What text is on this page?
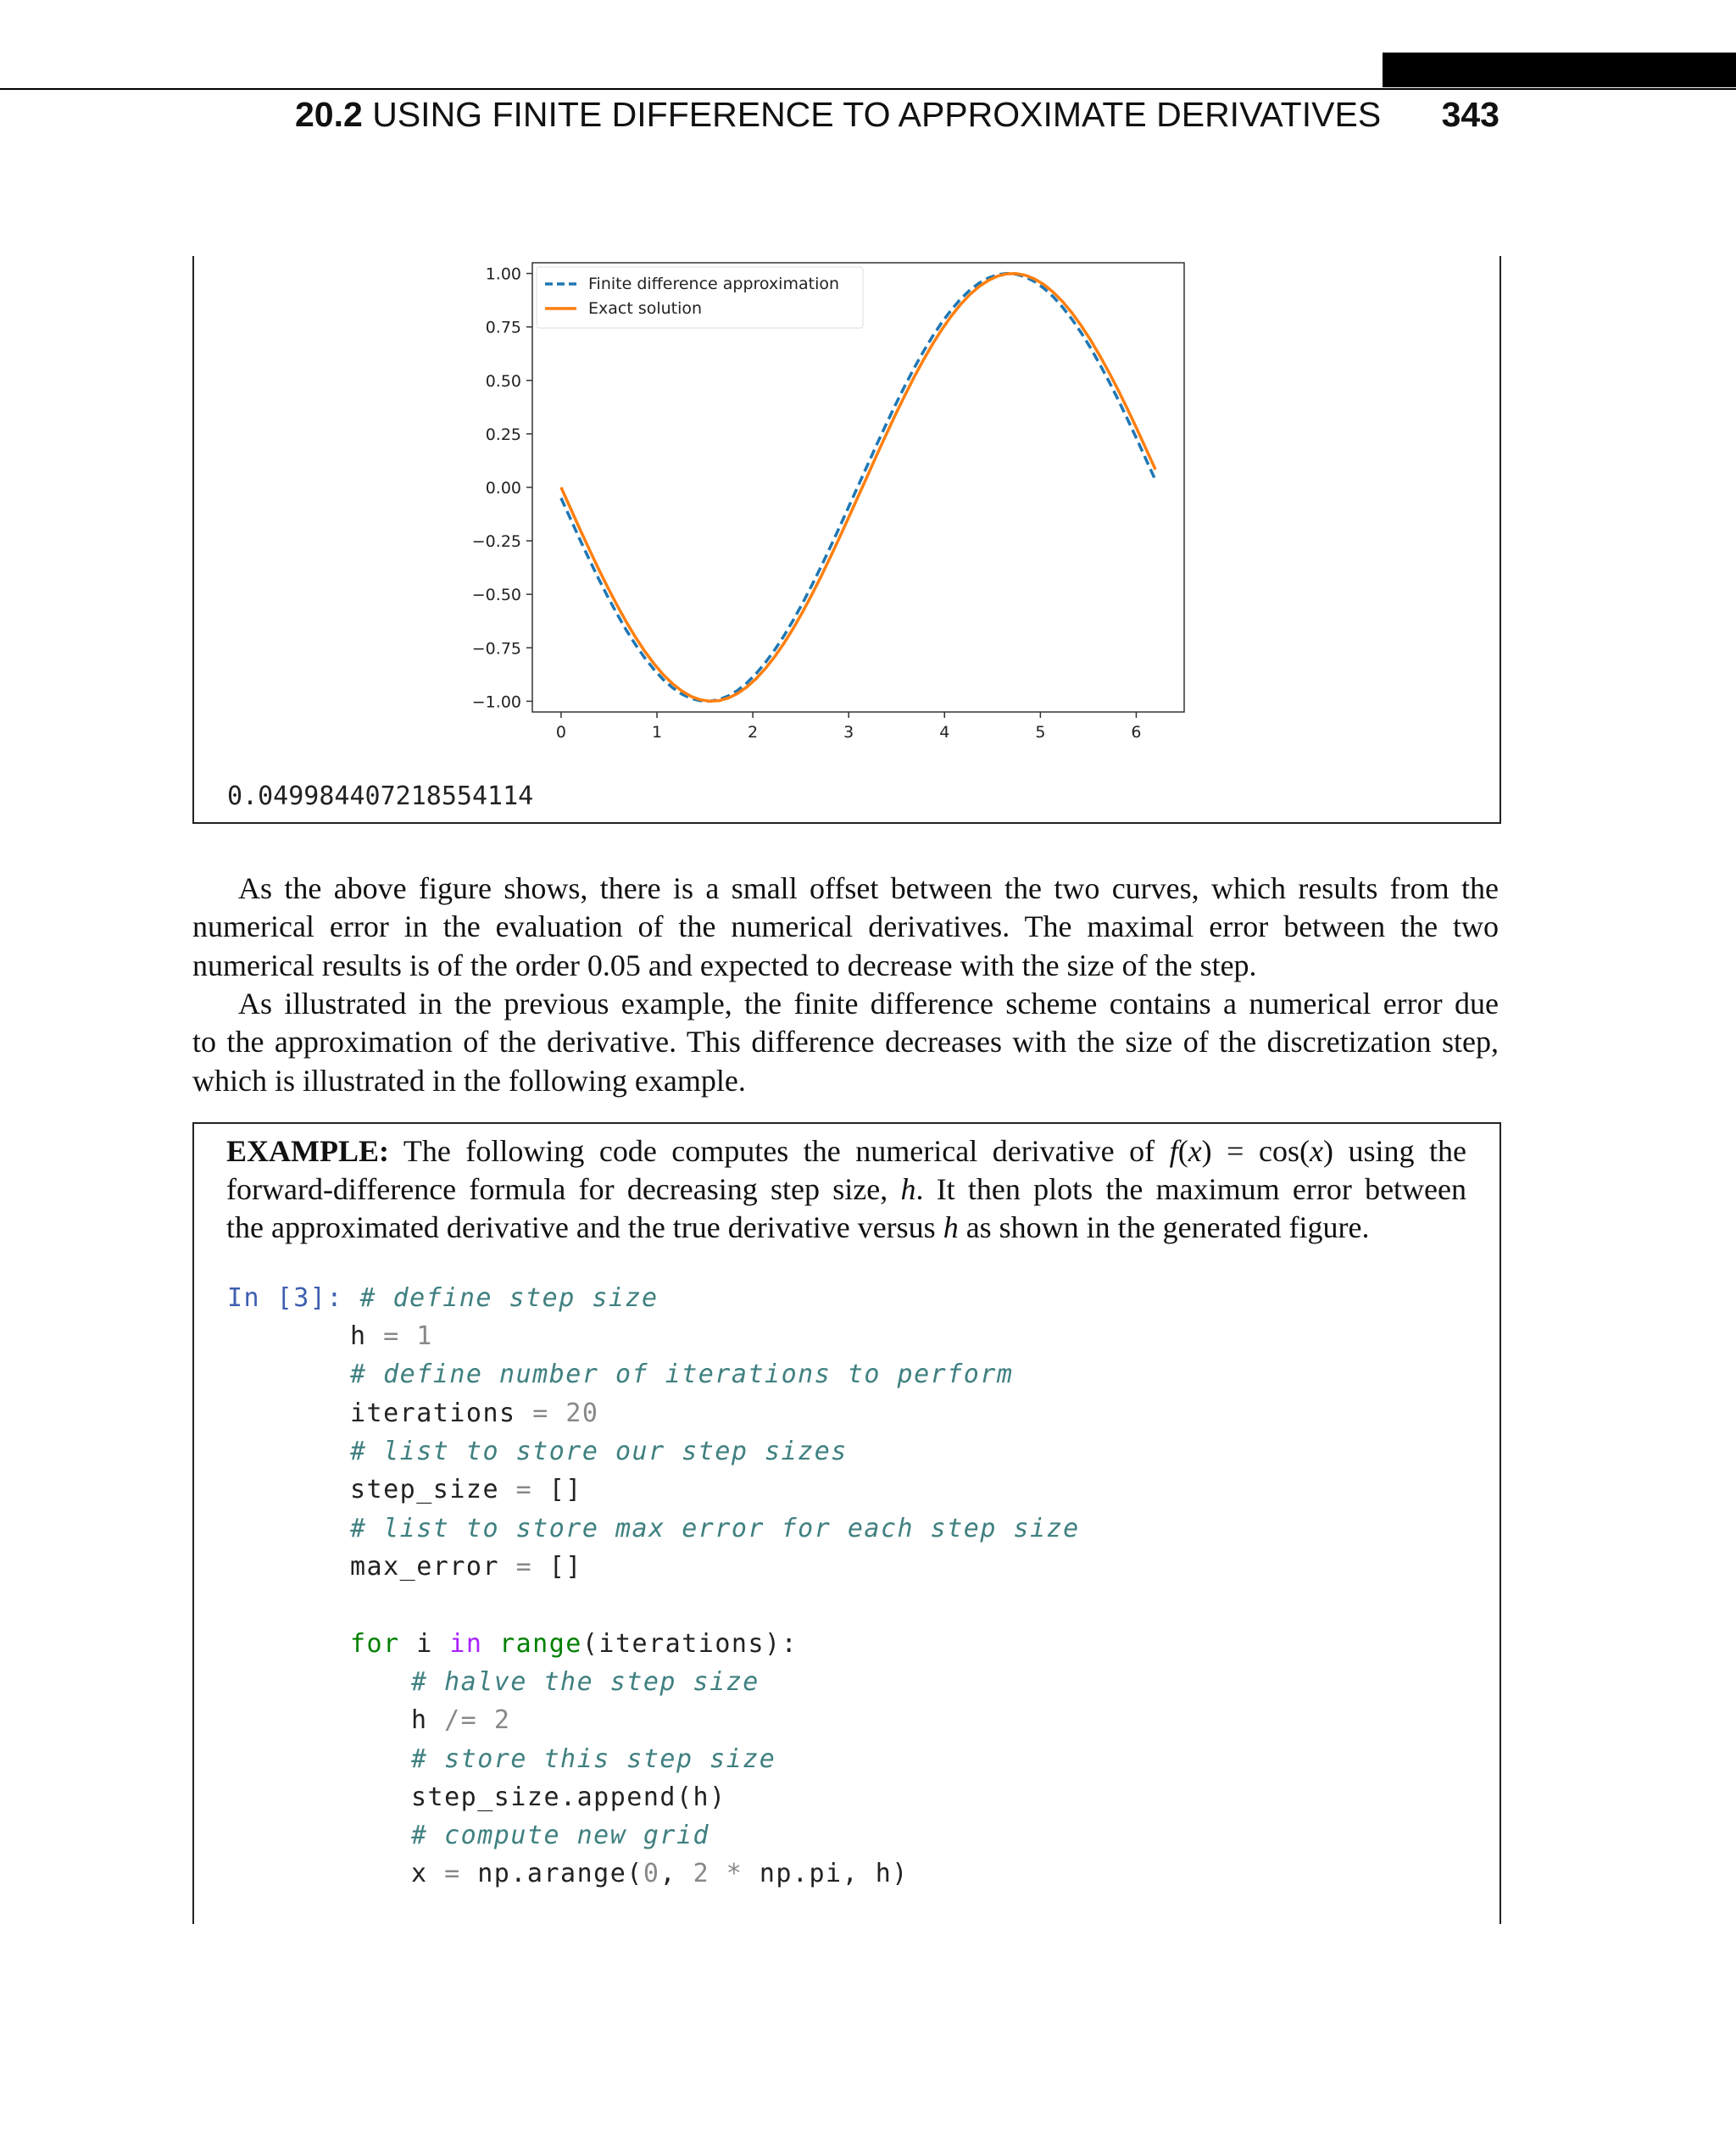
20.2 USING FINITE DIFFERENCE TO APPROXIMATE DERIVATIVES 343
0	1	2	3	4	5	6
1.00
0.75
0.50
0.25
0.00
−0.25
−0.50
−0.75
−1.00
Finite difference approximation
Exact solution
0.049984407218554114
As the above figure shows, there is a small offset between the two curves, which results from the
numerical error in the evaluation of the numerical derivatives. The maximal error between the two
numerical results is of the order 0.05 and expected to decrease with the size of the step.
As illustrated in the previous example, the finite difference scheme contains a numerical error due
to the approximation of the derivative. This difference decreases with the size of the discretization step,
which is illustrated in the following example.
EXAMPLE: The following code computes the numerical derivative of f(x) = cos(x) using the
forward-difference formula for decreasing step size, h. It then plots the maximum error between
the approximated derivative and the true derivative versus h as shown in the generated figure.
In [3]: # define step size
h = 1
# define number of iterations to perform
iterations = 20
# list to store our step sizes
step_size = []
# list to store max error for each step size
max_error = []
for i in range(iterations):
# halve the step size
h /= 2
# store this step size
step_size.append(h)
# compute new grid
x = np.arange(0, 2 * np.pi, h)
